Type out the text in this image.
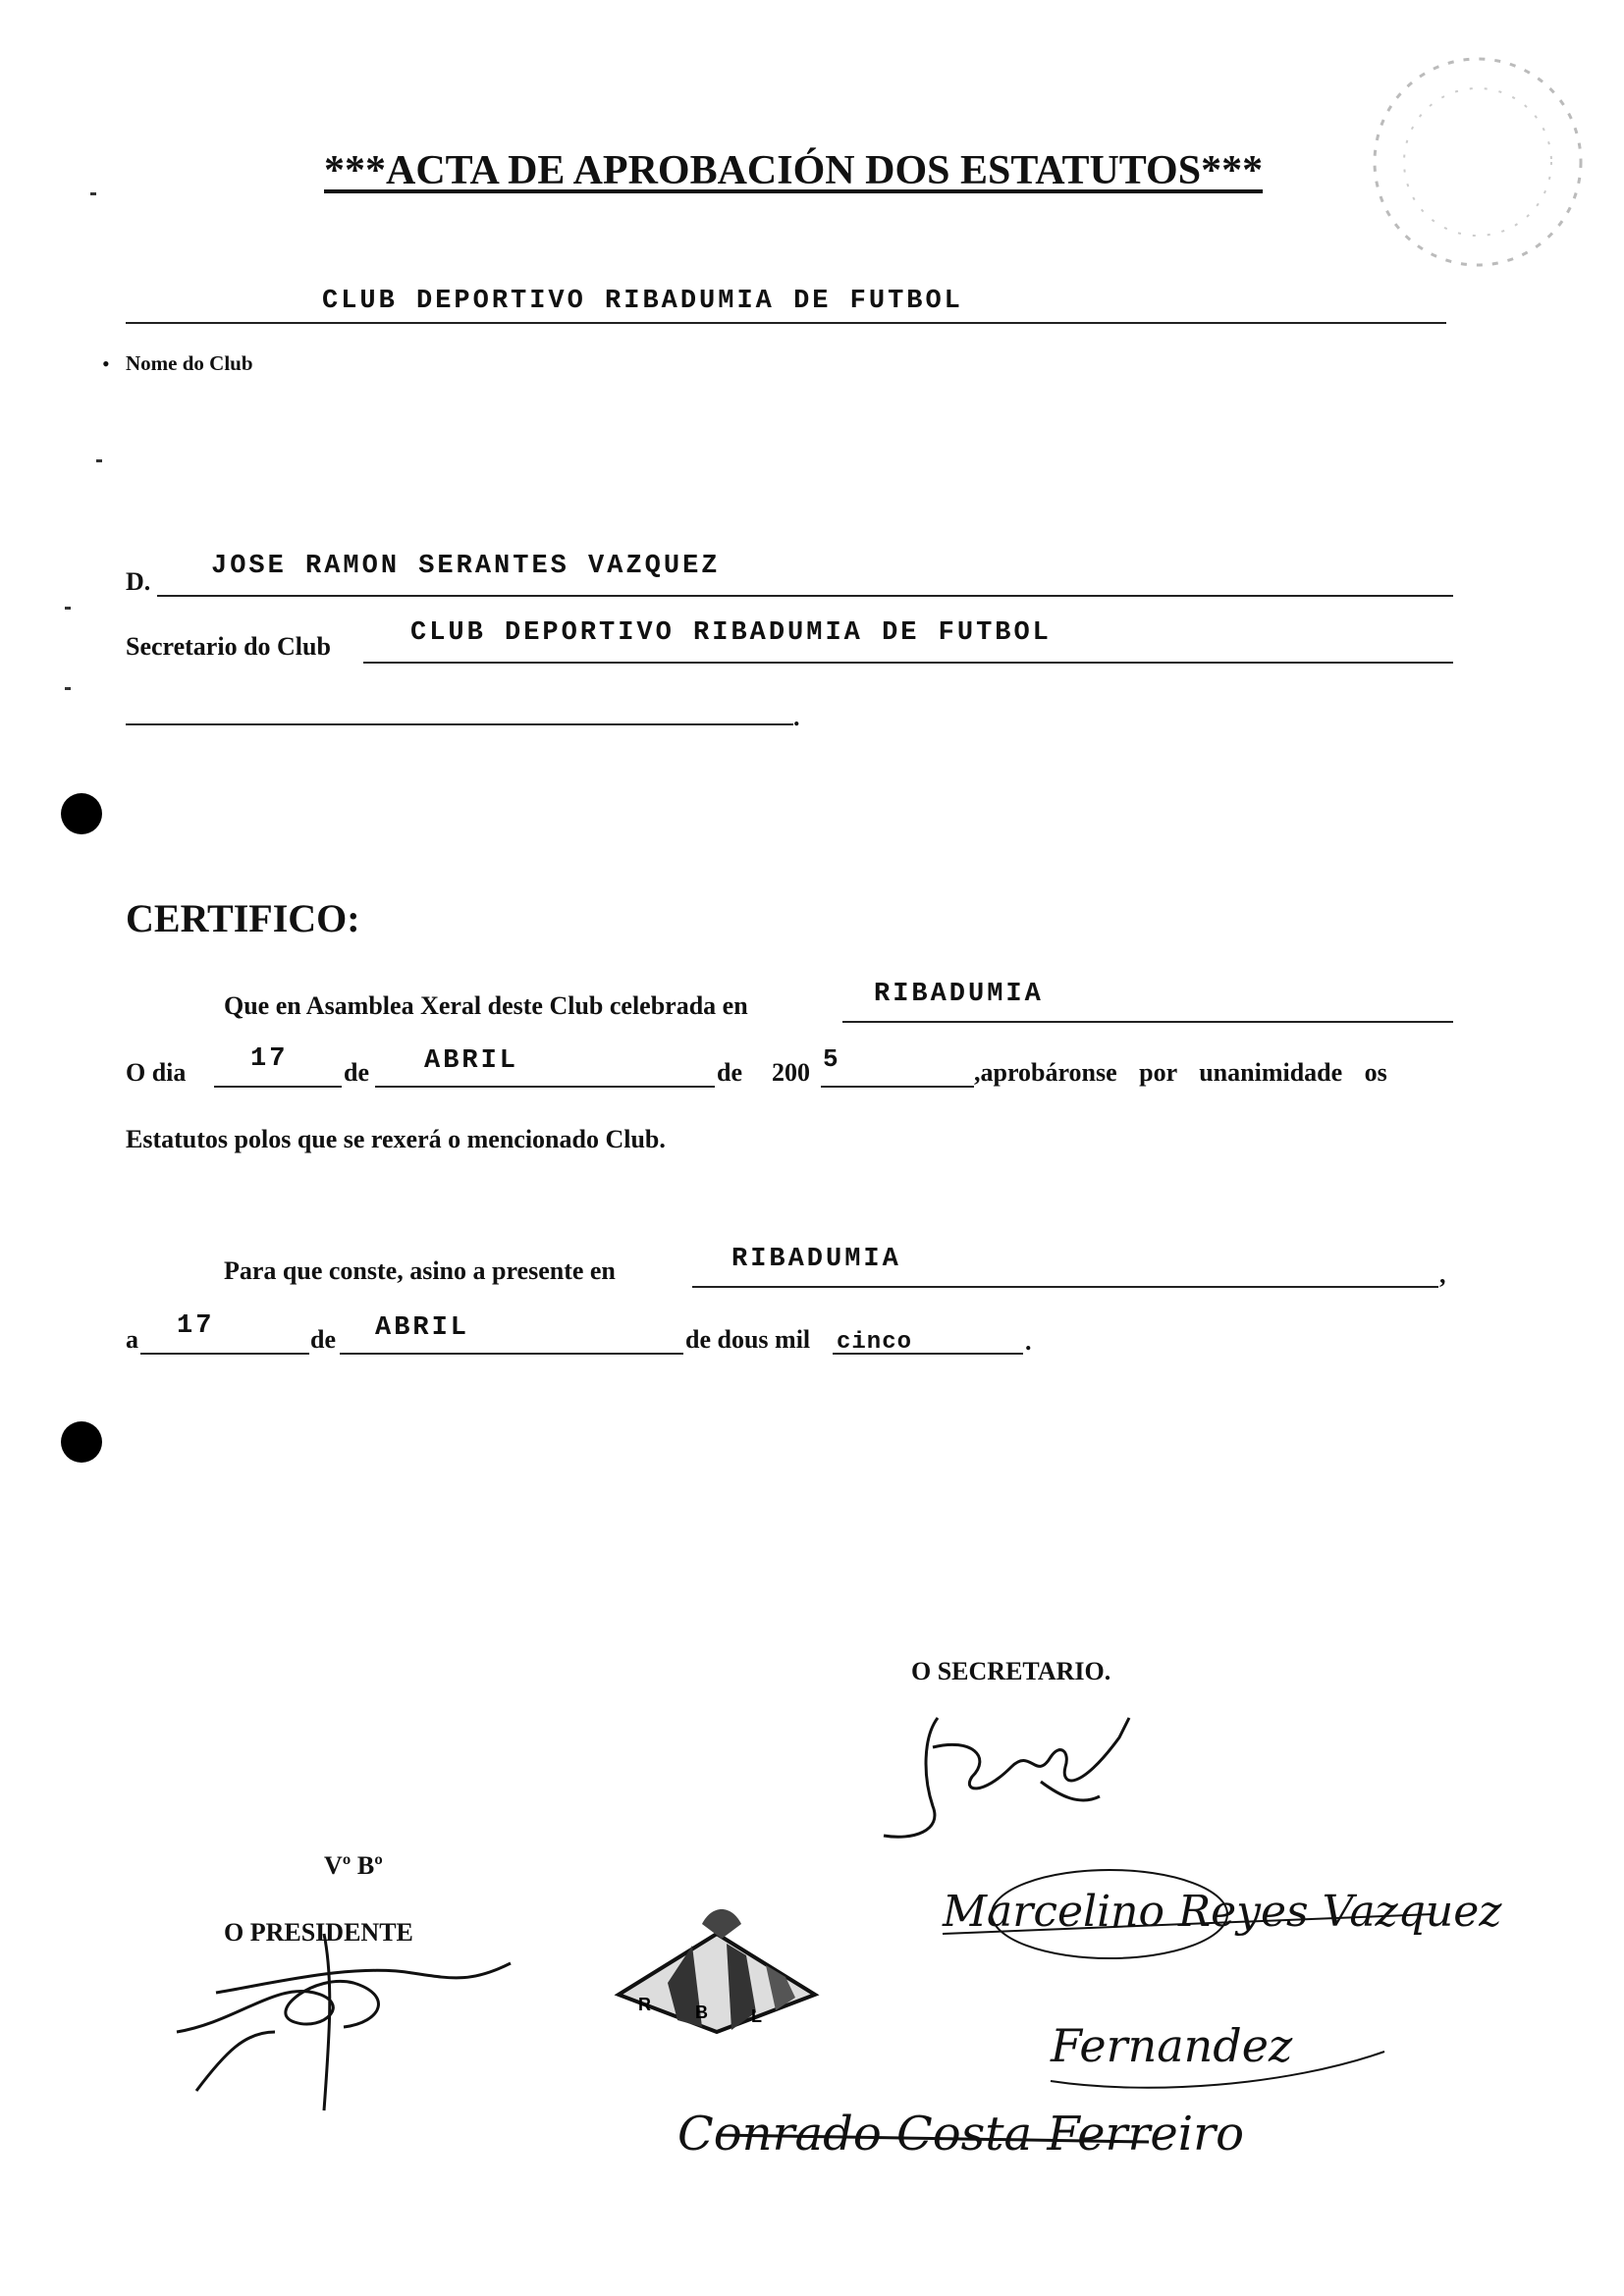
***ACTA DE APROBACIÓN DOS ESTATUTOS***
CLUB DEPORTIVO RIBADUMIA DE FUTBOL
• Nome do Club
D.
JOSE RAMON SERANTES VAZQUEZ
Secretario do Club	CLUB DEPORTIVO RIBADUMIA DE FUTBOL
.
CERTIFICO:
Que en Asamblea Xeral deste Club celebrada en	RIBADUMIA
O dia 17 de ABRIL	de 200 5	,aprobáronse por unanimidade os
Estatutos polos que se rexerá o mencionado Club.
Para que conste, asino a presente en	RIBADUMIA
,
a 17	de ABRIL	de dous mil cinco	.
O SECRETARIO.
Vº Bº
O PRESIDENTE
R	B L
Marcelino Reyes Vazquez
Fernandez
Conrado Costa Ferreiro
